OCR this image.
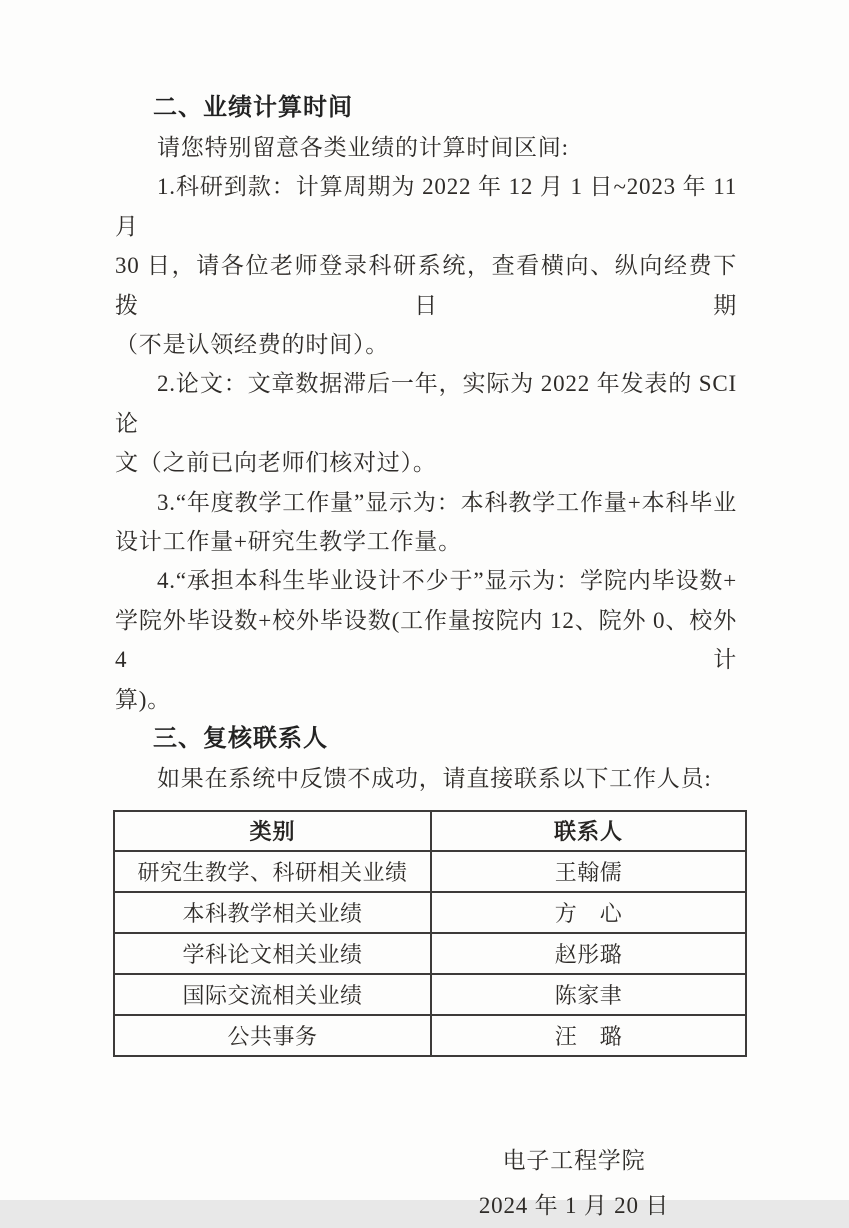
二、业绩计算时间
请您特别留意各类业绩的计算时间区间:
1.科研到款：计算周期为 2022 年 12 月 1 日~2023 年 11 月
30 日，请各位老师登录科研系统，查看横向、纵向经费下拨日期
（不是认领经费的时间）。
2.论文：文章数据滞后一年，实际为 2022 年发表的 SCI 论
文（之前已向老师们核对过）。
3.“年度教学工作量”显示为：本科教学工作量+本科毕业
设计工作量+研究生教学工作量。
4.“承担本科生毕业设计不少于”显示为：学院内毕设数+
学院外毕设数+校外毕设数(工作量按院内 12、院外 0、校外 4 计
算)。
三、复核联系人
如果在系统中反馈不成功，请直接联系以下工作人员:
类别	联系人
研究生教学、科研相关业绩	王翰儒
本科教学相关业绩	方　心
学科论文相关业绩	赵彤璐
国际交流相关业绩	陈家聿
公共事务	汪　璐
电子工程学院
2024 年 1 月 20 日
